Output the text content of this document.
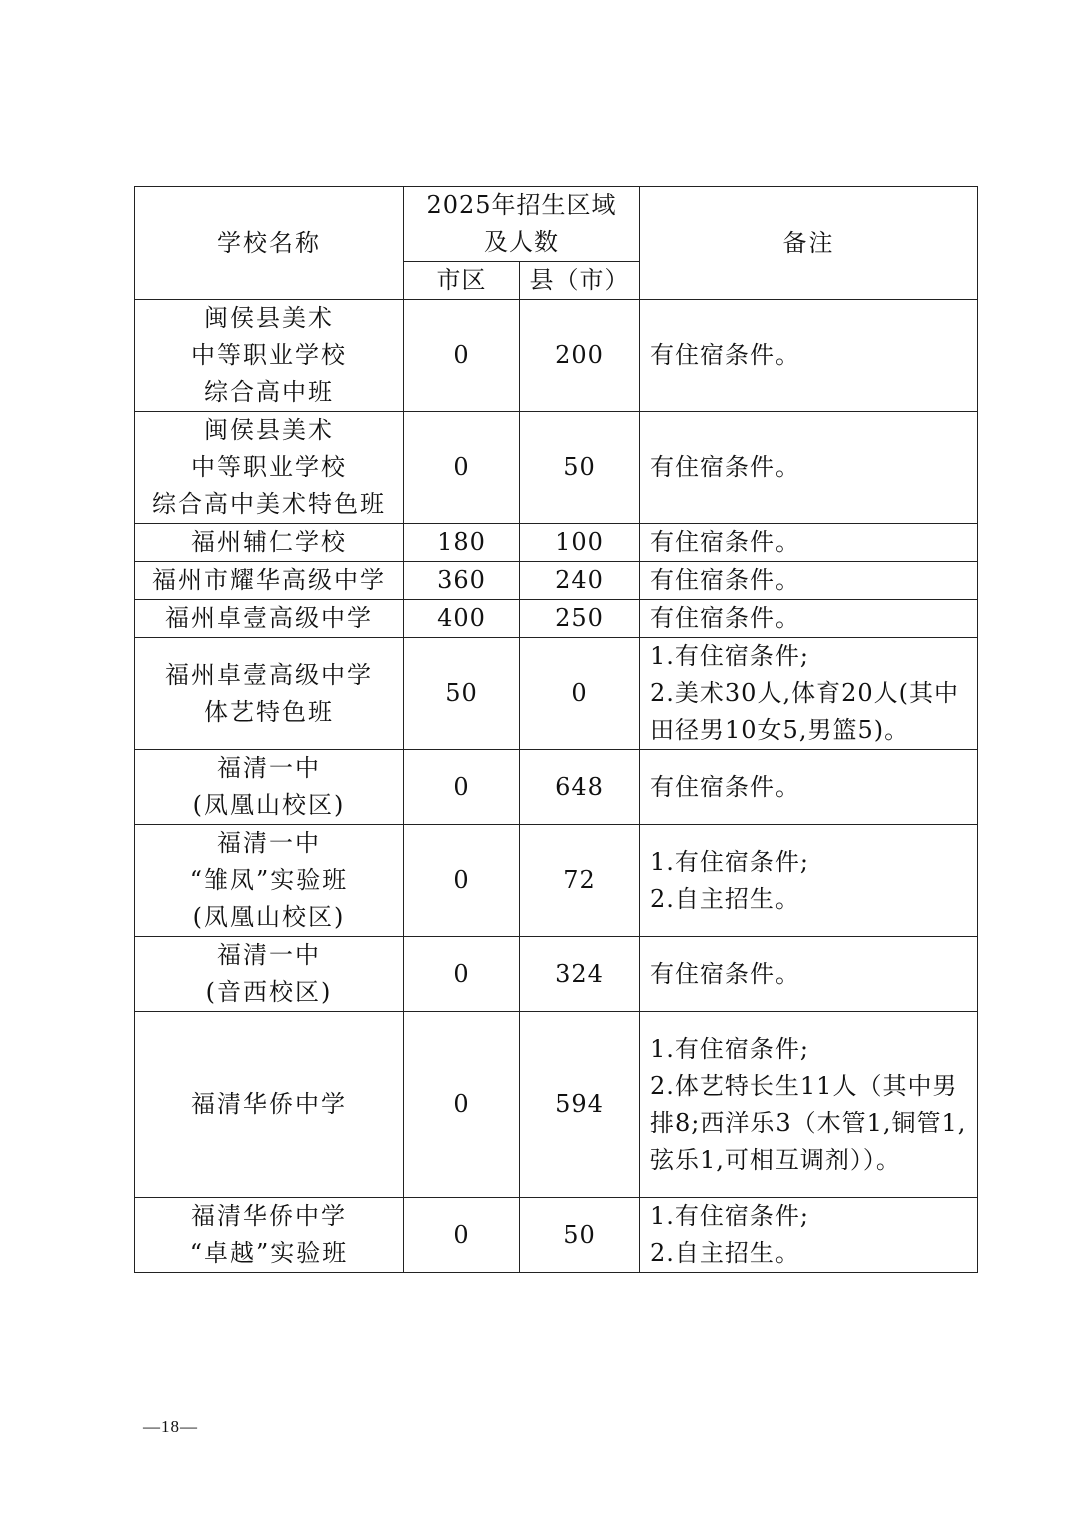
学校名称	2025年招生区域
及人数		备注
	市区	县（市）	
闽侯县美术
中等职业学校
综合高中班	0	200	有住宿条件。
闽侯县美术
中等职业学校
综合高中美术特色班	0	50	有住宿条件。
福州辅仁学校	180	100	有住宿条件。
福州市耀华高级中学	360	240	有住宿条件。
福州卓壹高级中学	400	250	有住宿条件。
福州卓壹高级中学
体艺特色班	50	0	1.有住宿条件;
2.美术30人,体育20人(其中田径男10女5,男篮5)。
福清一中
(凤凰山校区)	0	648	有住宿条件。
福清一中
“雏凤”实验班
(凤凰山校区)	0	72	1.有住宿条件;
2.自主招生。
福清一中
(音西校区)	0	324	有住宿条件。
福清华侨中学	0	594	1.有住宿条件;
2.体艺特长生11人（其中男排8;西洋乐3（木管1,铜管1,弦乐1,可相互调剂））。
福清华侨中学
“卓越”实验班	0	50	1.有住宿条件;
2.自主招生。
—18—
